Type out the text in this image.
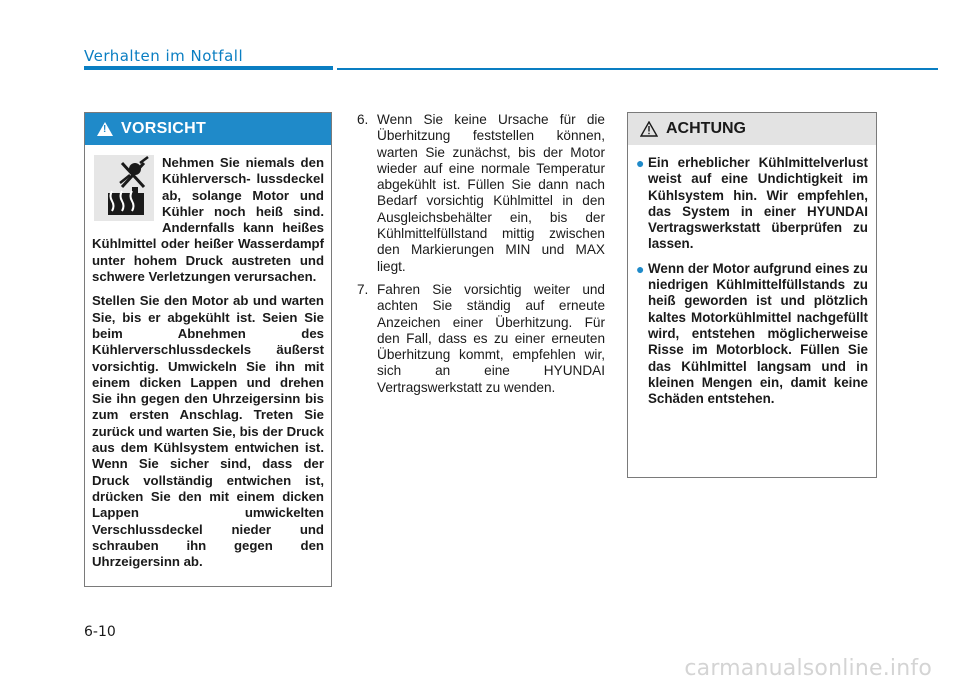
Verhalten im Notfall
!
VORSICHT

Nehmen Sie niemals den Kühlerversch- lussdeckel ab, solange Motor und Kühler noch heiß sind. Andernfalls kann heißes Kühlmittel oder heißer Wasserdampf unter hohem Druck austreten und schwere Verletzungen verursachen.

Stellen Sie den Motor ab und warten Sie, bis er abgekühlt ist. Seien Sie beim Abnehmen des Kühlerverschlussdeckels äußerst vorsichtig. Umwickeln Sie ihn mit einem dicken Lappen und drehen Sie ihn gegen den Uhrzeigersinn bis zum ersten Anschlag. Treten Sie zurück und warten Sie, bis der Druck aus dem Kühlsystem entwichen ist. Wenn Sie sicher sind, dass der Druck vollständig entwichen ist, drücken Sie den mit einem dicken Lappen umwickelten Verschlussdeckel nieder und schrauben ihn gegen den Uhrzeigersinn ab.

6. Wenn Sie keine Ursache für die Überhitzung feststellen können, warten Sie zunächst, bis der Motor wieder auf eine normale Temperatur abgekühlt ist. Füllen Sie dann nach Bedarf vorsichtig Kühlmittel in den Ausgleichsbehälter ein, bis der Kühlmittelfüllstand mittig zwischen den Markierungen MIN und MAX liegt.
7. Fahren Sie vorsichtig weiter und achten Sie ständig auf erneute Anzeichen einer Überhitzung. Für den Fall, dass es zu einer erneuten Überhitzung kommt, empfehlen wir, sich an eine HYUNDAI Vertragswerkstatt zu wenden.
ACHTUNG
● Ein erheblicher Kühlmittelverlust weist auf eine Undichtigkeit im Kühlsystem hin. Wir empfehlen, das System in einer HYUNDAI Vertragswerkstatt überprüfen zu lassen.
● Wenn der Motor aufgrund eines zu niedrigen Kühlmittelfüllstands zu heiß geworden ist und plötzlich kaltes Motorkühlmittel nachgefüllt wird, entstehen möglicherweise Risse im Motorblock. Füllen Sie das Kühlmittel langsam und in kleinen Mengen ein, damit keine Schäden entstehen.
6-10
carmanualsonline.info
